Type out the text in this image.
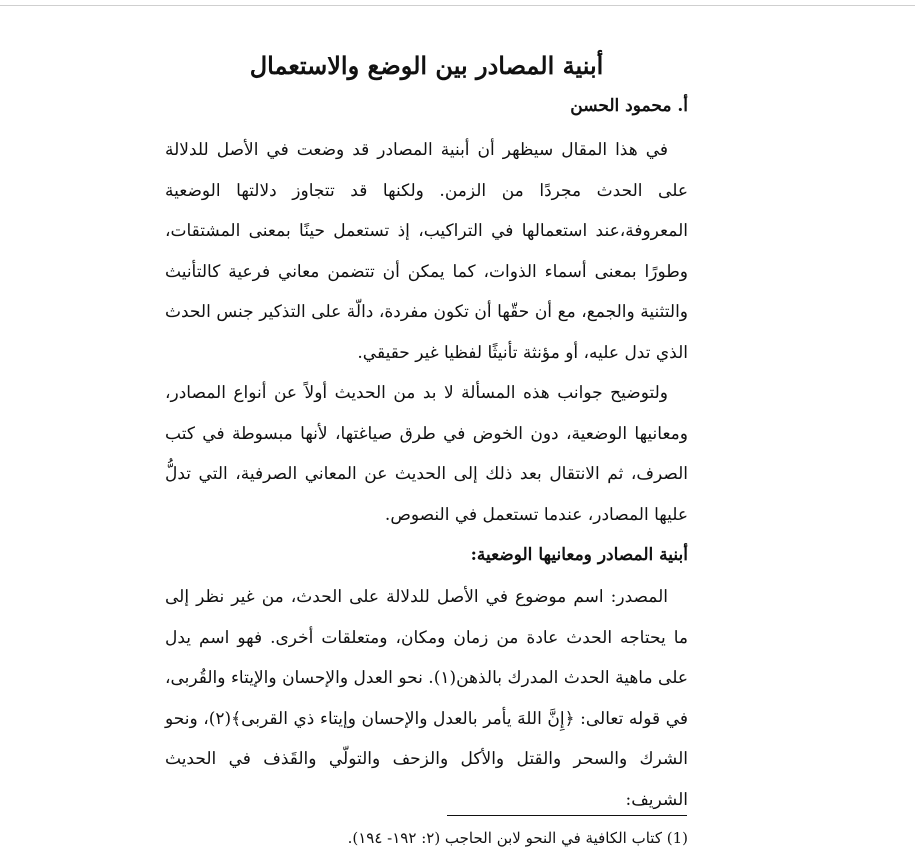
أبنية المصادر بين الوضع والاستعمال
أ. محمود الحسن

في هذا المقال سيظهر أن أبنية المصادر قد وضعت في الأصل للدلالة على الحدث مجردًا من الزمن. ولكنها قد تتجاوز دلالتها الوضعية المعروفة،عند استعمالها في التراكيب، إذ تستعمل حينًا بمعنى المشتقات، وطورًا بمعنى أسماء الذوات، كما يمكن أن تتضمن معاني فرعية كالتأنيث والتثنية والجمع، مع أن حقّها أن تكون مفردة، دالّة على التذكير جنس الحدث الذي تدل عليه، أو مؤنثة تأنيثًا لفظيا غير حقيقي.

ولتوضيح جوانب هذه المسألة لا بد من الحديث أولاً عن أنواع المصادر، ومعانيها الوضعية، دون الخوض في طرق صياغتها، لأنها مبسوطة في كتب الصرف، ثم الانتقال بعد ذلك إلى الحديث عن المعاني الصرفية، التي تدلُّ عليها المصادر، عندما تستعمل في النصوص.

أبنية المصادر ومعانيها الوضعية:

المصدر: اسم موضوع في الأصل للدلالة على الحدث، من غير نظر إلى ما يحتاجه الحدث عادة من زمان ومكان، ومتعلقات أخرى. فهو اسم يدل على ماهية الحدث المدرك بالذهن(١). نحو العدل والإحسان والإيتاء والقُربى، في قوله تعالى: ﴿إِنَّ اللهَ يأمر بالعدل والإحسان وإيتاء ذي القربى﴾(٢)، ونحو الشرك والسحر والقتل والأكل والزحف والتولّي والقَذف في الحديث الشريف:

(1) كتاب الكافية في النحو لابن الحاجب (٢: ١٩٢- ١٩٤).
